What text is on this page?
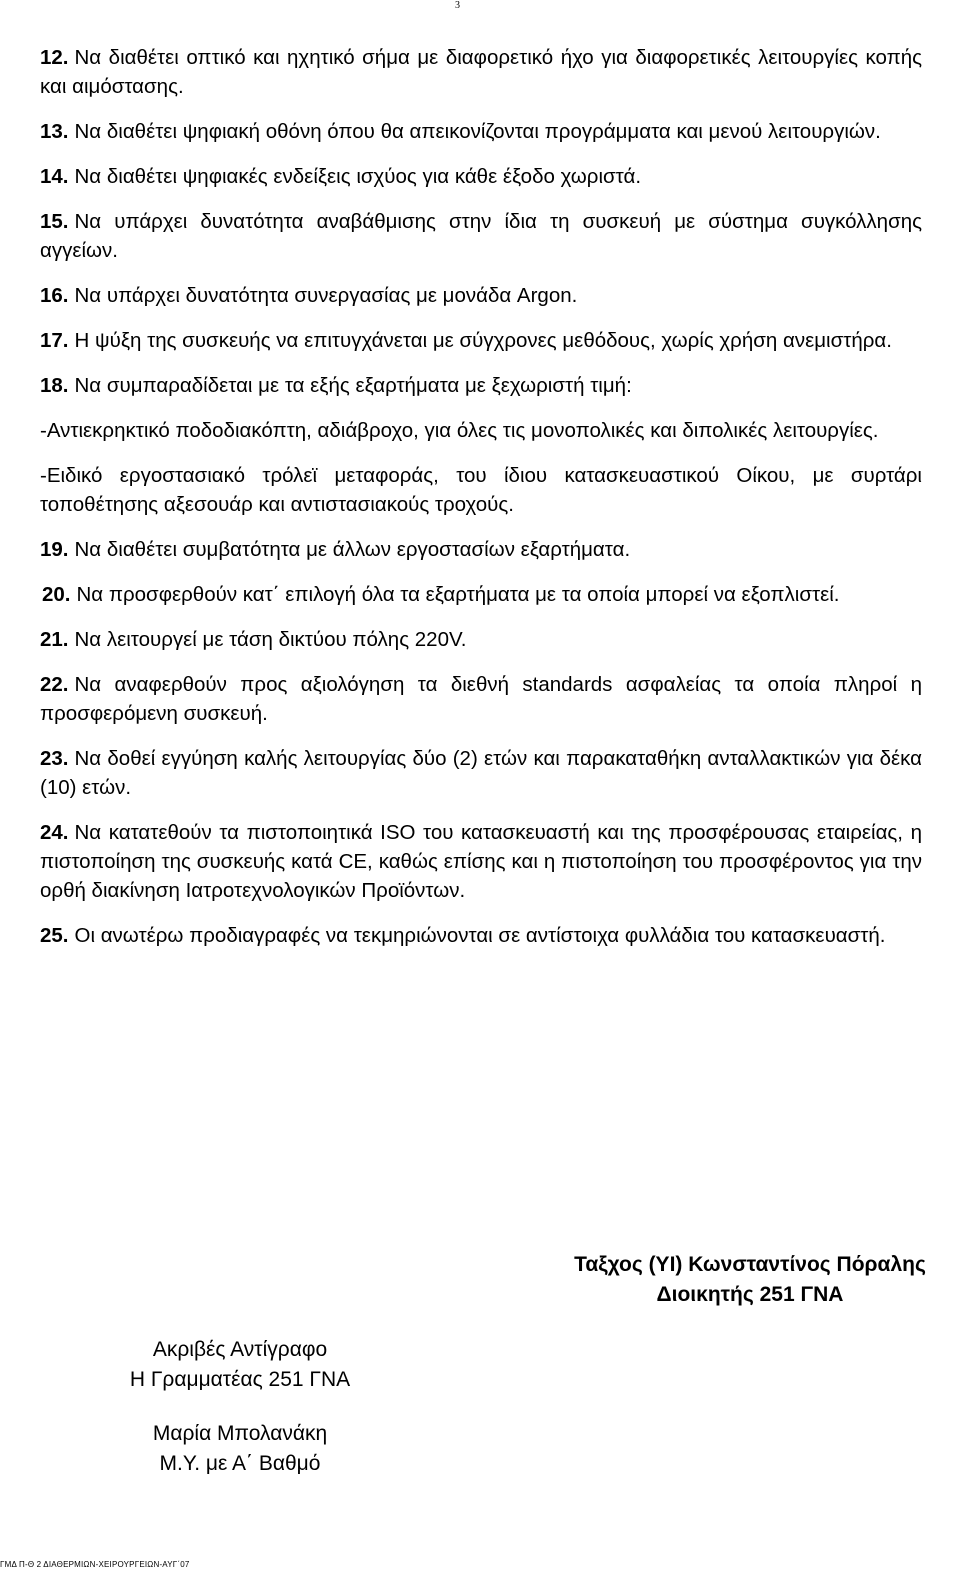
3

12. Να διαθέτει οπτικό και ηχητικό σήμα με διαφορετικό ήχο για διαφορετικές λειτουργίες κοπής και αιμόστασης.

13. Να διαθέτει ψηφιακή οθόνη όπου θα απεικονίζονται προγράμματα και μενού λειτουργιών.

14. Να διαθέτει ψηφιακές ενδείξεις ισχύος για κάθε έξοδο χωριστά.

15. Να υπάρχει δυνατότητα αναβάθμισης στην ίδια τη συσκευή με σύστημα συγκόλλησης αγγείων.

16. Να υπάρχει δυνατότητα συνεργασίας με μονάδα Argon.

17. Η ψύξη της συσκευής να επιτυγχάνεται με σύγχρονες μεθόδους, χωρίς χρήση ανεμιστήρα.

18. Να συμπαραδίδεται με τα εξής εξαρτήματα με ξεχωριστή τιμή:

-Αντιεκρηκτικό ποδοδιακόπτη, αδιάβροχο, για όλες τις μονοπολικές και διπολικές λειτουργίες.

-Ειδικό εργοστασιακό τρόλεϊ μεταφοράς, του ίδιου κατασκευαστικού Οίκου, με συρτάρι τοποθέτησης αξεσουάρ και αντιστασιακούς τροχούς.

19. Να διαθέτει συμβατότητα με άλλων εργοστασίων εξαρτήματα.

20. Να προσφερθούν κατ΄ επιλογή όλα τα εξαρτήματα με τα οποία μπορεί να εξοπλιστεί.

21. Να λειτουργεί με τάση δικτύου πόλης 220V.

22. Να αναφερθούν προς αξιολόγηση τα διεθνή standards ασφαλείας τα οποία πληροί η προσφερόμενη συσκευή.

23. Να δοθεί εγγύηση καλής λειτουργίας δύο (2) ετών και παρακαταθήκη ανταλλακτικών για δέκα (10) ετών.

24. Να κατατεθούν τα πιστοποιητικά ISO του κατασκευαστή και της προσφέρουσας εταιρείας, η πιστοποίηση της συσκευής κατά CE, καθώς επίσης και η πιστοποίηση του προσφέροντος για την ορθή διακίνηση Ιατροτεχνολογικών Προϊόντων.

25. Οι ανωτέρω προδιαγραφές να τεκμηριώνονται σε αντίστοιχα φυλλάδια του κατασκευαστή.

Ταξχος (ΥΙ) Κωνσταντίνος Πόραλης
Διοικητής 251 ΓΝΑ
Ακριβές Αντίγραφο
Η Γραμματέας 251 ΓΝΑ
Μαρία Μπολανάκη
Μ.Υ. με Α΄ Βαθμό
ΓΜΔ Π-Θ 2 ΔΙΑΘΕΡΜΙΩΝ-ΧΕΙΡΟΥΡΓΕΙΩΝ-ΑΥΓ΄07
